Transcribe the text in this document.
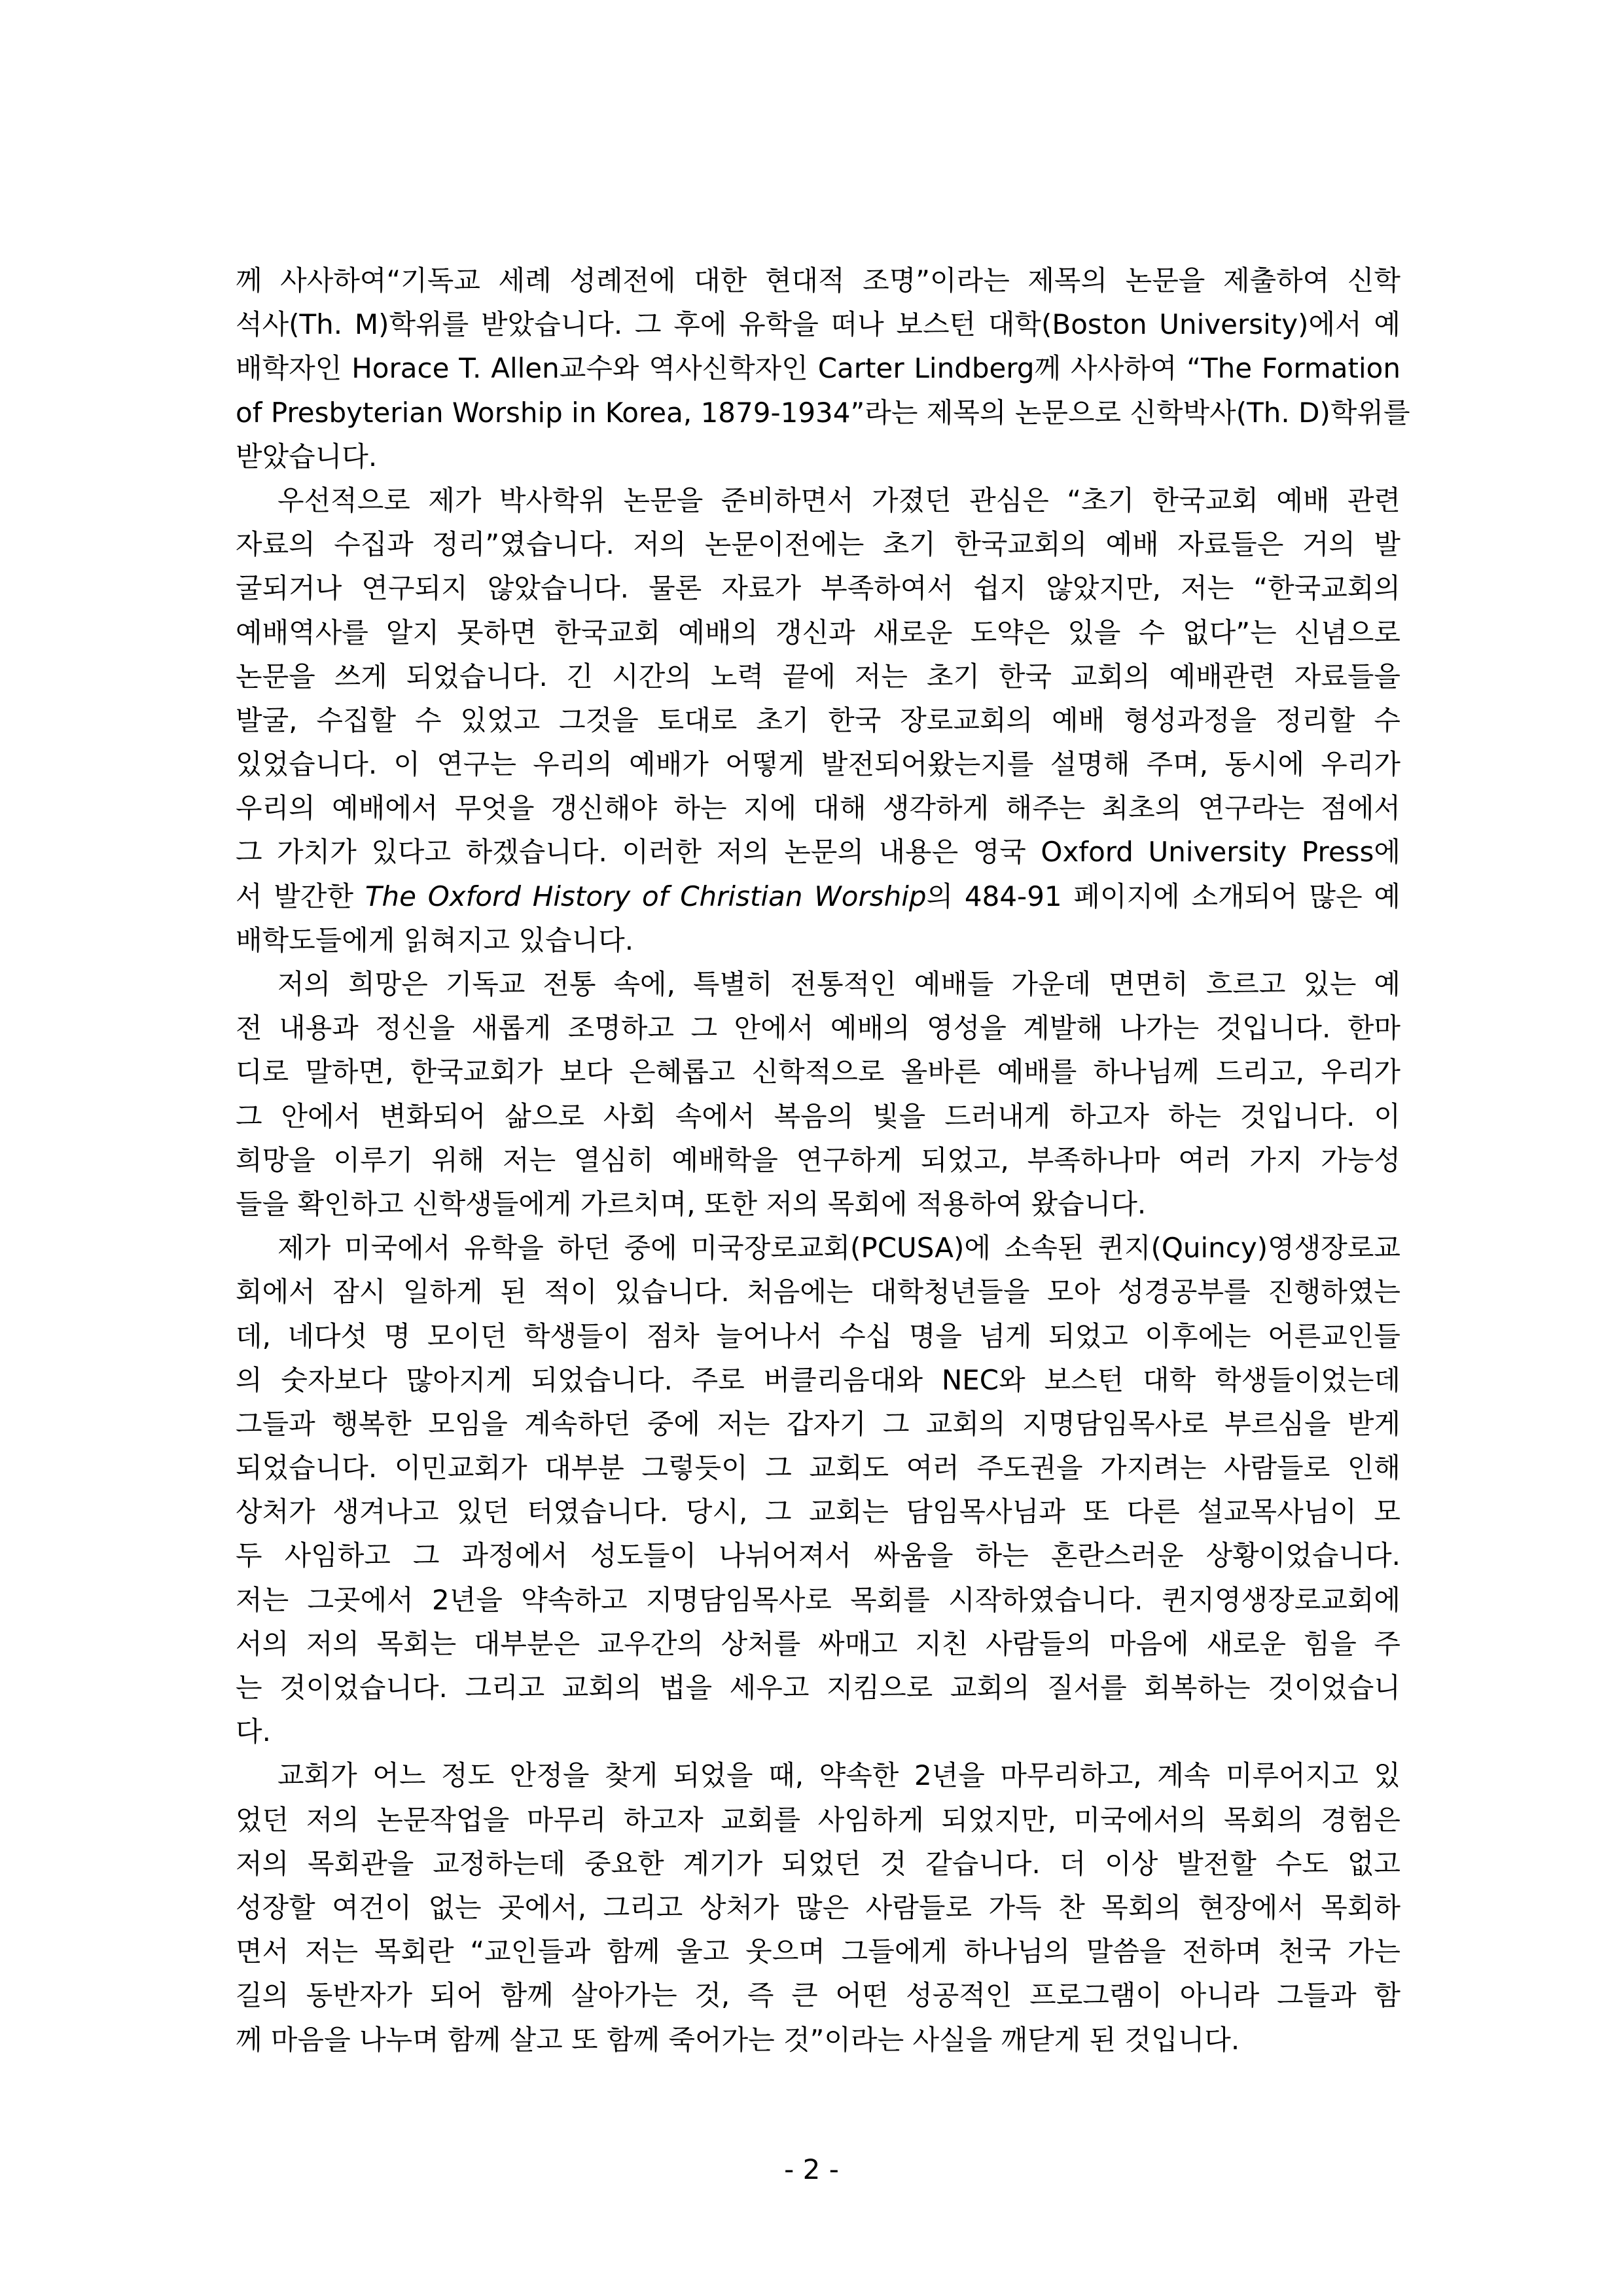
께 사사하여“기독교 세례 성례전에 대한 현대적 조명”이라는 제목의 논문을 제출하여 신학
석사(Th. M)학위를 받았습니다. 그 후에 유학을 떠나 보스턴 대학(Boston University)에서 예
배학자인 Horace T. Allen교수와 역사신학자인 Carter Lindberg께 사사하여 “The Formation
of Presbyterian Worship in Korea, 1879-1934”라는 제목의 논문으로 신학박사(Th. D)학위를
받았습니다.
우선적으로 제가 박사학위 논문을 준비하면서 가졌던 관심은 “초기 한국교회 예배 관련
자료의 수집과 정리”였습니다. 저의 논문이전에는 초기 한국교회의 예배 자료들은 거의 발
굴되거나 연구되지 않았습니다. 물론 자료가 부족하여서 쉽지 않았지만, 저는 “한국교회의
예배역사를 알지 못하면 한국교회 예배의 갱신과 새로운 도약은 있을 수 없다”는 신념으로
논문을 쓰게 되었습니다. 긴 시간의 노력 끝에 저는 초기 한국 교회의 예배관련 자료들을
발굴, 수집할 수 있었고 그것을 토대로 초기 한국 장로교회의 예배 형성과정을 정리할 수
있었습니다. 이 연구는 우리의 예배가 어떻게 발전되어왔는지를 설명해 주며, 동시에 우리가
우리의 예배에서 무엇을 갱신해야 하는 지에 대해 생각하게 해주는 최초의 연구라는 점에서
그 가치가 있다고 하겠습니다. 이러한 저의 논문의 내용은 영국 Oxford University Press에
서 발간한 The Oxford History of Christian Worship의 484-91 페이지에 소개되어 많은 예
배학도들에게 읽혀지고 있습니다.
저의 희망은 기독교 전통 속에, 특별히 전통적인 예배들 가운데 면면히 흐르고 있는 예
전 내용과 정신을 새롭게 조명하고 그 안에서 예배의 영성을 계발해 나가는 것입니다. 한마
디로 말하면, 한국교회가 보다 은혜롭고 신학적으로 올바른 예배를 하나님께 드리고, 우리가
그 안에서 변화되어 삶으로 사회 속에서 복음의 빛을 드러내게 하고자 하는 것입니다. 이
희망을 이루기 위해 저는 열심히 예배학을 연구하게 되었고, 부족하나마 여러 가지 가능성
들을 확인하고 신학생들에게 가르치며, 또한 저의 목회에 적용하여 왔습니다.
제가 미국에서 유학을 하던 중에 미국장로교회(PCUSA)에 소속된 퀸지(Quincy)영생장로교
회에서 잠시 일하게 된 적이 있습니다. 처음에는 대학청년들을 모아 성경공부를 진행하였는
데, 네다섯 명 모이던 학생들이 점차 늘어나서 수십 명을 넘게 되었고 이후에는 어른교인들
의 숫자보다 많아지게 되었습니다. 주로 버클리음대와 NEC와 보스턴 대학 학생들이었는데
그들과 행복한 모임을 계속하던 중에 저는 갑자기 그 교회의 지명담임목사로 부르심을 받게
되었습니다. 이민교회가 대부분 그렇듯이 그 교회도 여러 주도권을 가지려는 사람들로 인해
상처가 생겨나고 있던 터였습니다. 당시, 그 교회는 담임목사님과 또 다른 설교목사님이 모
두 사임하고 그 과정에서 성도들이 나뉘어져서 싸움을 하는 혼란스러운 상황이었습니다.
저는 그곳에서 2년을 약속하고 지명담임목사로 목회를 시작하였습니다. 퀸지영생장로교회에
서의 저의 목회는 대부분은 교우간의 상처를 싸매고 지친 사람들의 마음에 새로운 힘을 주
는 것이었습니다. 그리고 교회의 법을 세우고 지킴으로 교회의 질서를 회복하는 것이었습니
다.
교회가 어느 정도 안정을 찾게 되었을 때, 약속한 2년을 마무리하고, 계속 미루어지고 있
었던 저의 논문작업을 마무리 하고자 교회를 사임하게 되었지만, 미국에서의 목회의 경험은
저의 목회관을 교정하는데 중요한 계기가 되었던 것 같습니다. 더 이상 발전할 수도 없고
성장할 여건이 없는 곳에서, 그리고 상처가 많은 사람들로 가득 찬 목회의 현장에서 목회하
면서 저는 목회란 “교인들과 함께 울고 웃으며 그들에게 하나님의 말씀을 전하며 천국 가는
길의 동반자가 되어 함께 살아가는 것, 즉 큰 어떤 성공적인 프로그램이 아니라 그들과 함
께 마음을 나누며 함께 살고 또 함께 죽어가는 것”이라는 사실을 깨닫게 된 것입니다.
- 2 -
